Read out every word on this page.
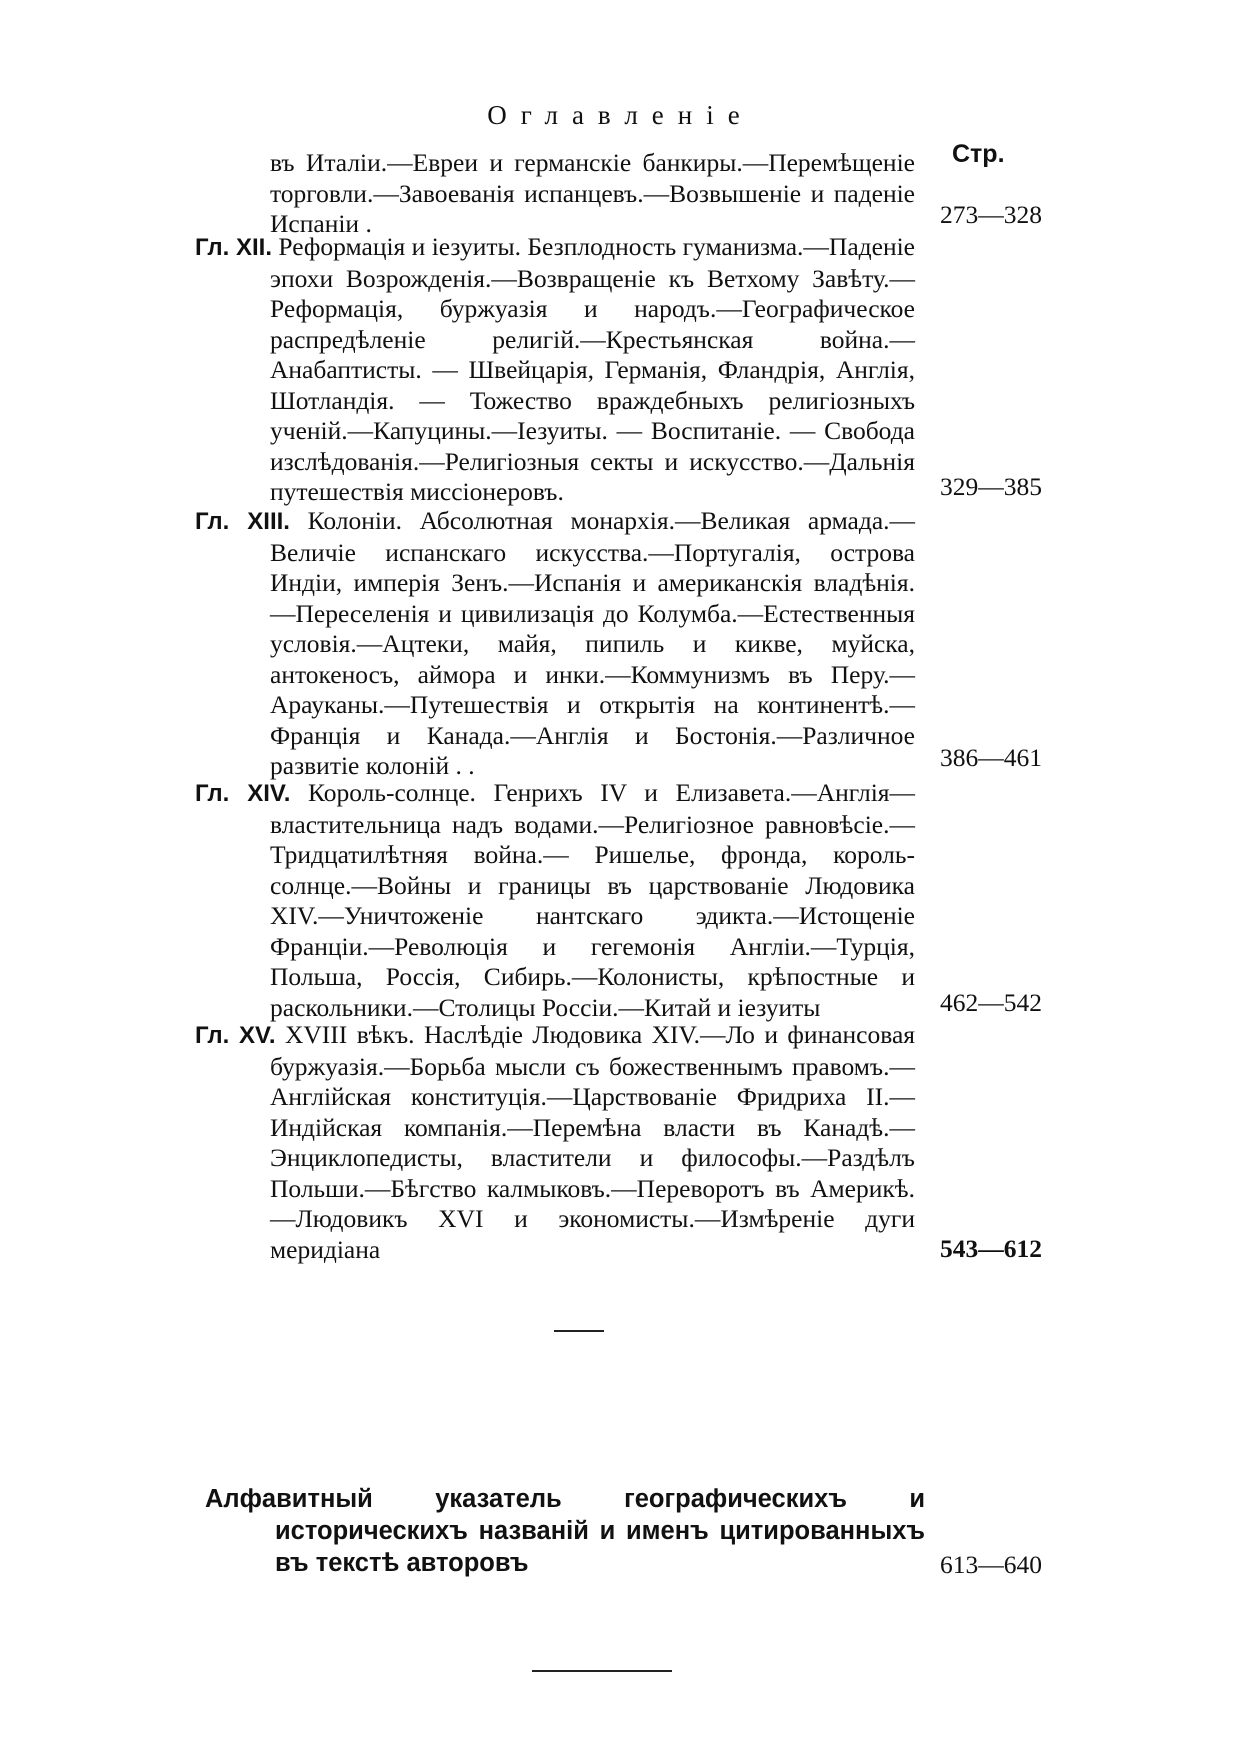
Оглавленіе
Стр.
въ Италіи.—Евреи и германскіе банкиры.—Перемѣщеніе торговли.—Завоеванія испанцевъ.—Возвышеніе и паденіе Испаніи .	273—328
Гл. XII. Реформація и іезуиты. Безплодность гуманизма.—Паденіе эпохи Возрожденія.—Возвращеніе къ Ветхому Завѣту.—Реформація, буржуазія и народъ.—Географическое распредѣленіе религій.—Крестьянская война.—Анабаптисты. — Швейцарія, Германія, Фландрія, Англія, Шотландія. — Тожество враждебныхъ религіозныхъ ученій.—Капуцины.—Іезуиты. — Воспитаніе. — Свобода изслѣдованія.—Религіозныя секты и искусство.—Дальнія путешествія миссіонеровъ.	329—385
Гл. XIII. Колоніи. Абсолютная монархія.—Великая армада.—Величіе испанскаго искусства.—Португалія, острова Индіи, имперія Зенъ.—Испанія и американскія владѣнія.—Переселенія и цивилизація до Колумба.—Естественныя условія.—Ацтеки, майя, пипиль и кикве, муйска, антокеносъ, аймора и инки.—Коммунизмъ въ Перу.—Арауканы.—Путешествія и открытія на континентѣ.—Франція и Канада.—Англія и Бостонія.—Различное развитіе колоній . .	386—461
Гл. XIV. Король-солнце. Генрихъ IV и Елизавета.—Англія—властительница надъ водами.—Религіозное равновѣсіе.— Тридцатилѣтняя война.— Ришелье, фронда, король-солнце.—Войны и границы въ царствованіе Людовика XIV.—Уничтоженіе нантскаго эдикта.—Истощеніе Франціи.—Революція и гегемонія Англіи.—Турція, Польша, Россія, Сибирь.—Колонисты, крѣпостные и раскольники.—Столицы Россіи.—Китай и іезуиты	462—542
Гл. XV. XVIII вѣкъ. Наслѣдіе Людовика XIV.—Ло и финансовая буржуазія.—Борьба мысли съ божественнымъ правомъ.—Англійская конституція.—Царствованіе Фридриха II.—Индійская компанія.—Перемѣна власти въ Канадѣ.—Энциклопедисты, властители и философы.—Раздѣлъ Польши.—Бѣгство калмыковъ.—Переворотъ въ Америкѣ.—Людовикъ XVI и экономисты.—Измѣреніе дуги меридіана	543—612
Алфавитный указатель географическихъ и историческихъ названій и именъ цитированныхъ въ текстѣ авторовъ	613—640
